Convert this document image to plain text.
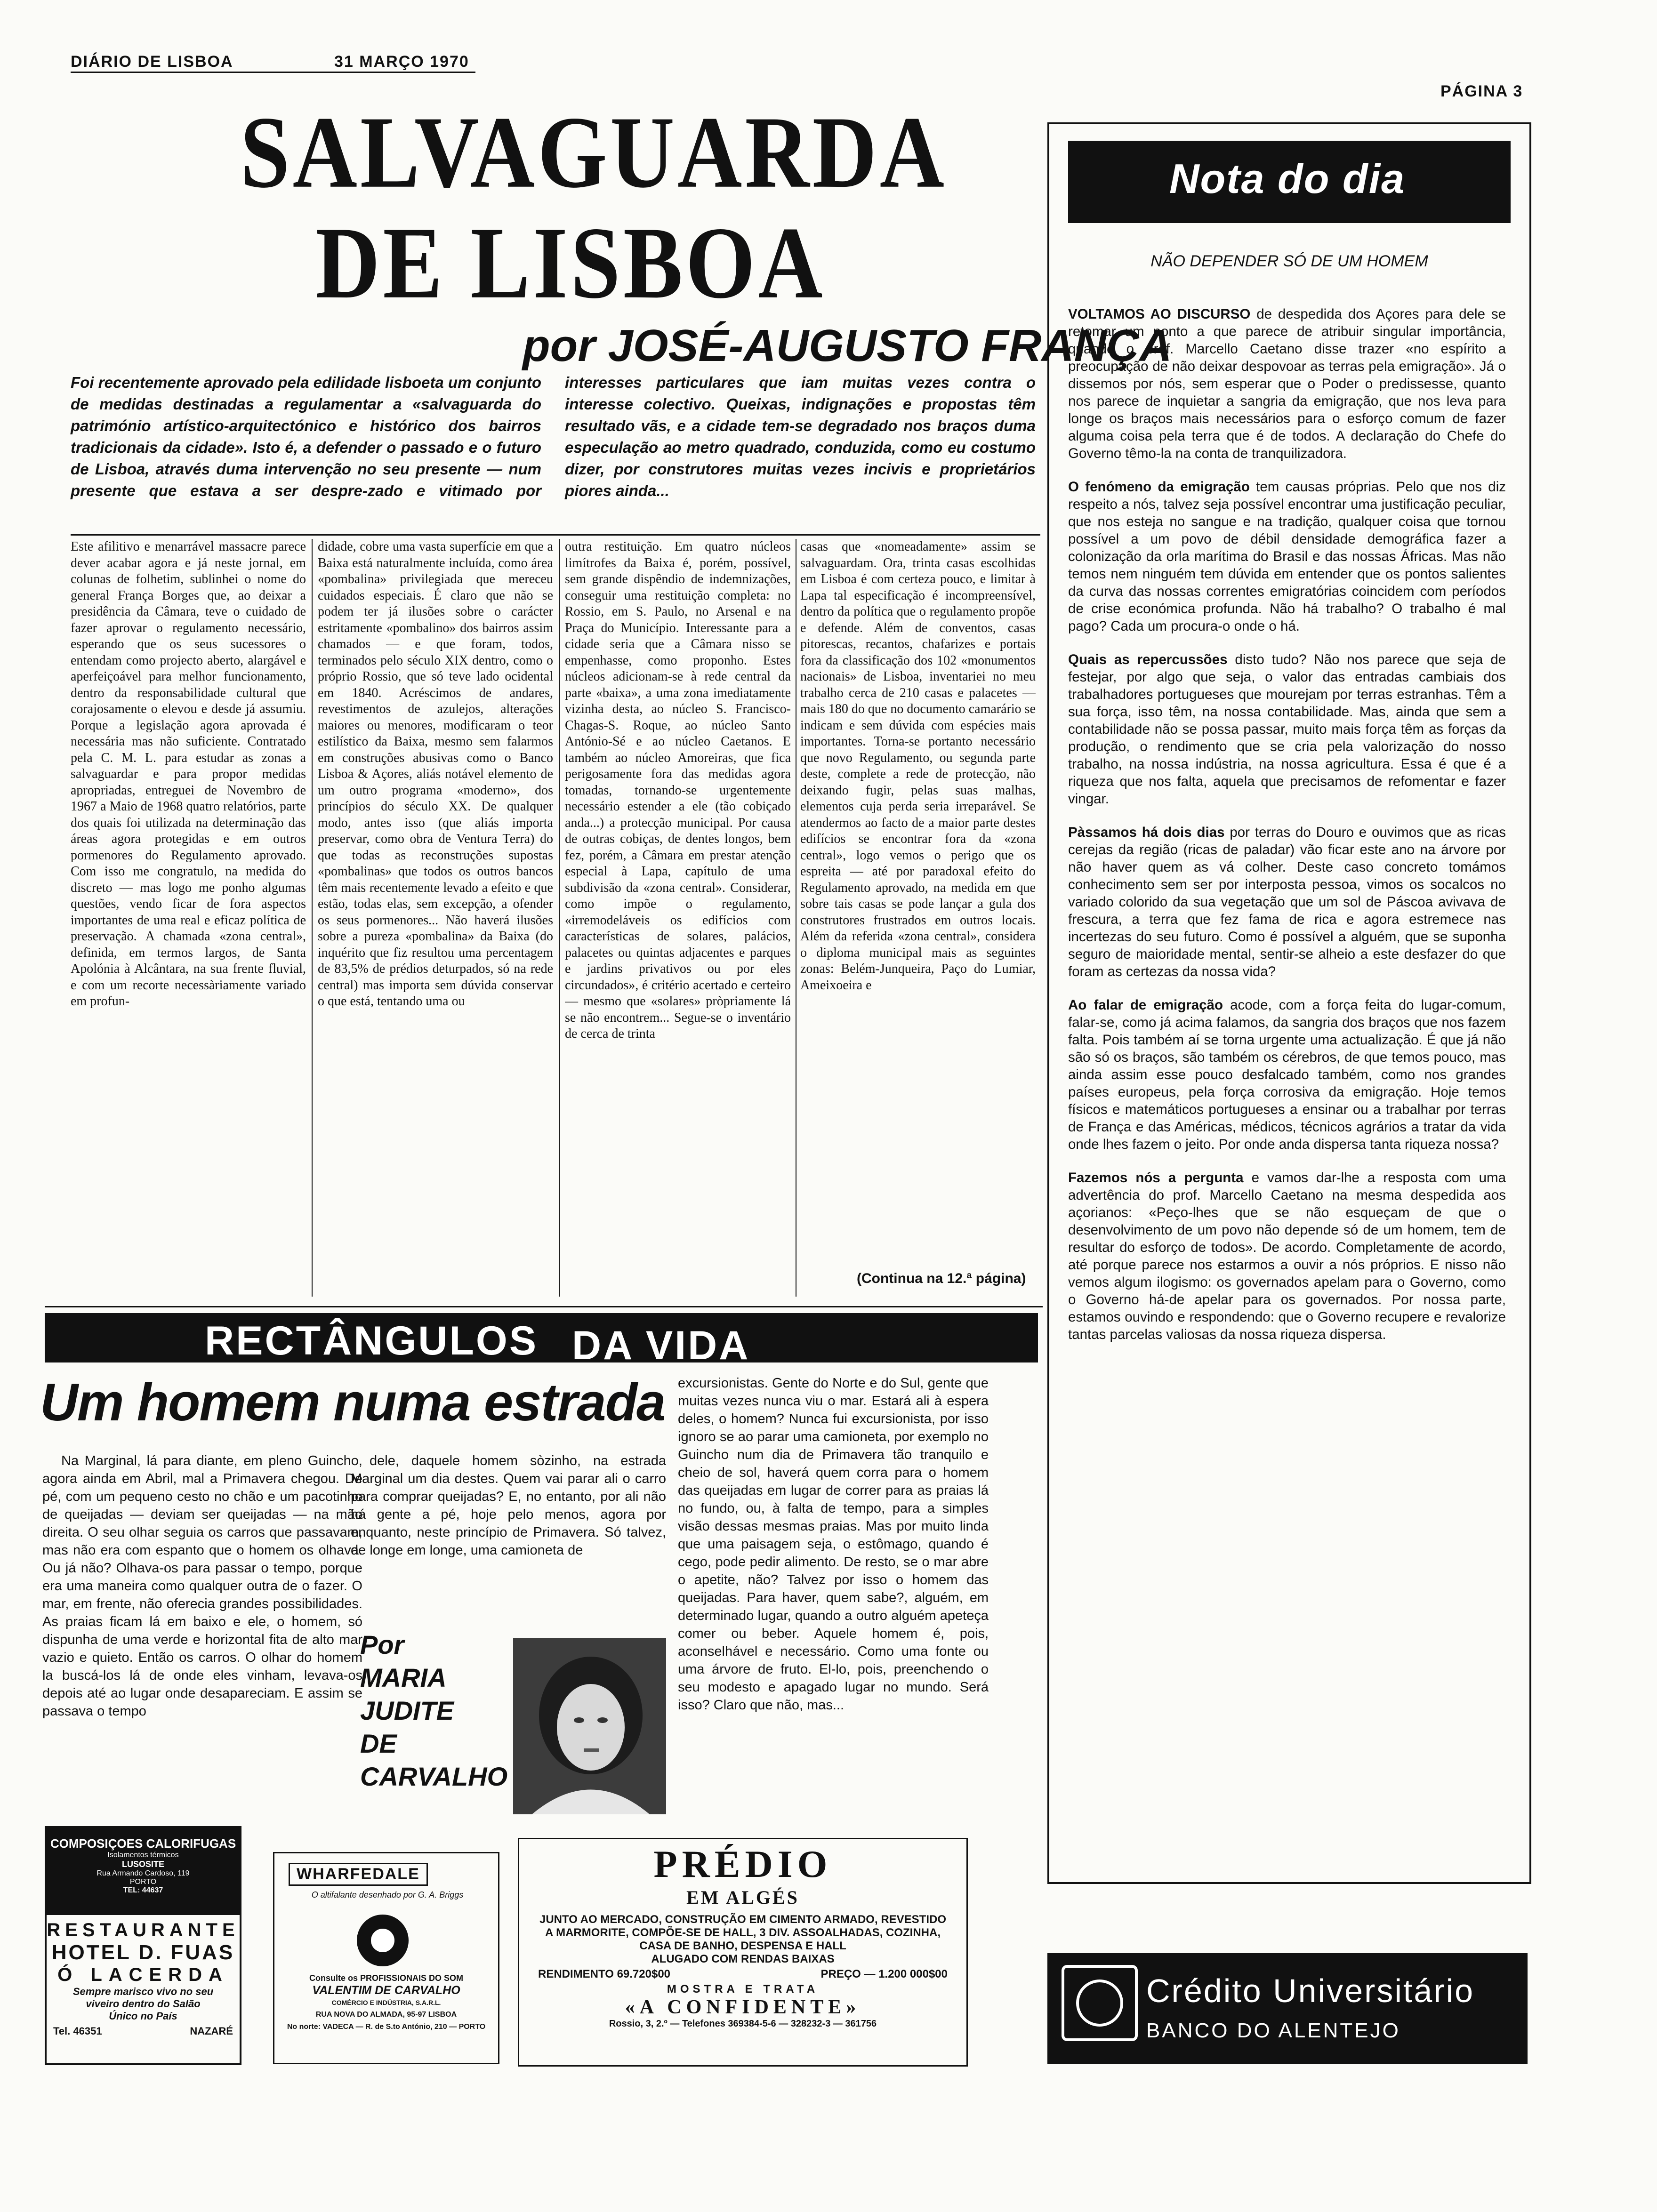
DIÁRIO DE LISBOA	31 MARÇO 1970
PÁGINA 3
SALVAGUARDA
DE LISBOA
por JOSÉ-AUGUSTO FRANÇA
Foi recentemente aprovado pela edilidade lisboeta um conjunto de medidas destinadas a regulamentar a «salvaguarda do património artístico-arquitectónico e histórico dos bairros tradicionais da cidade». Isto é, a defender o passado e o futuro de Lisboa, através duma intervenção no seu presente — num presente que estava a ser despre-zado e vitimado por interesses particulares que iam muitas vezes contra o interesse colectivo. Queixas, indignações e propostas têm resultado vãs, e a cidade tem-se degradado nos braços duma especulação ao metro quadrado, conduzida, como eu costumo dizer, por construtores muitas vezes incivis e proprietários piores ainda...
Este afilitivo e menarrável massacre parece dever acabar agora e já neste jornal, em colunas de folhetim, sublinhei o nome do general França Borges que, ao deixar a presidência da Câmara, teve o cuidado de fazer aprovar o regulamento necessário, esperando que os seus sucessores o entendam como projecto aberto, alargável e aperfeiçoável para melhor funcionamento, dentro da responsabilidade cultural que corajosamente o elevou e desde já assumiu. Porque a legislação agora aprovada é necessária mas não suficiente. Contratado pela C. M. L. para estudar as zonas a salvaguardar e para propor medidas apropriadas, entreguei de Novembro de 1967 a Maio de 1968 quatro relatórios, parte dos quais foi utilizada na determinação das áreas agora protegidas e em outros pormenores do Regulamento aprovado. Com isso me congratulo, na medida do discreto — mas logo me ponho algumas questões, vendo ficar de fora aspectos importantes de uma real e eficaz política de preservação. A chamada «zona central», definida, em termos largos, de Santa Apolónia à Alcântara, na sua frente fluvial, e com um recorte necessàriamente variado em profun-
didade, cobre uma vasta superfície em que a Baixa está naturalmente incluída, como área «pombalina» privilegiada que mereceu cuidados especiais. É claro que não se podem ter já ilusões sobre o carácter estritamente «pombalino» dos bairros assim chamados — e que foram, todos, terminados pelo século XIX dentro, como o próprio Rossio, que só teve lado ocidental em 1840. Acréscimos de andares, revestimentos de azulejos, alterações maiores ou menores, modificaram o teor estilístico da Baixa, mesmo sem falarmos em construções abusivas como o Banco Lisboa & Açores, aliás notável elemento de um outro programa «moderno», dos princípios do século XX. De qualquer modo, antes isso (que aliás importa preservar, como obra de Ventura Terra) do que todas as reconstruções supostas «pombalinas» que todos os outros bancos têm mais recentemente levado a efeito e que estão, todas elas, sem excepção, a ofender os seus pormenores... Não haverá ilusões sobre a pureza «pombalina» da Baixa (do inquérito que fiz resultou uma percentagem de 83,5% de prédios deturpados, só na rede central) mas importa sem dúvida conservar o que está, tentando uma ou
outra restituição. Em quatro núcleos limítrofes da Baixa é, porém, possível, sem grande dispêndio de indemnizações, conseguir uma restituição completa: no Rossio, em S. Paulo, no Arsenal e na Praça do Município. Interessante para a cidade seria que a Câmara nisso se empenhasse, como proponho. Estes núcleos adicionam-se à rede central da parte «baixa», a uma zona imediatamente vizinha desta, ao núcleo S. Francisco-Chagas-S. Roque, ao núcleo Santo António-Sé e ao núcleo Caetanos. E também ao núcleo Amoreiras, que fica perigosamente fora das medidas agora tomadas, tornando-se urgentemente necessário estender a ele (tão cobiçado anda...) a protecção municipal. Por causa de outras cobiças, de dentes longos, bem fez, porém, a Câmara em prestar atenção especial à Lapa, capítulo de uma subdivisão da «zona central». Considerar, como impõe o regulamento, «irremodeláveis os edifícios com características de solares, palácios, palacetes ou quintas adjacentes e parques e jardins privativos ou por eles circundados», é critério acertado e certeiro — mesmo que «solares» pròpriamente lá se não encontrem... Segue-se o inventário de cerca de trinta
casas que «nomeadamente» assim se salvaguardam. Ora, trinta casas escolhidas em Lisboa é com certeza pouco, e limitar à Lapa tal especificação é incompreensível, dentro da política que o regulamento propõe e defende. Além de conventos, casas pitorescas, recantos, chafarizes e portais fora da classificação dos 102 «monumentos nacionais» de Lisboa, inventariei no meu trabalho cerca de 210 casas e palacetes — mais 180 do que no documento camarário se indicam e sem dúvida com espécies mais importantes. Torna-se portanto necessário que novo Regulamento, ou segunda parte deste, complete a rede de protecção, não deixando fugir, pelas suas malhas, elementos cuja perda seria irreparável. Se atendermos ao facto de a maior parte destes edifícios se encontrar fora da «zona central», logo vemos o perigo que os espreita — até por paradoxal efeito do Regulamento aprovado, na medida em que sobre tais casas se pode lançar a gula dos construtores frustrados em outros locais. Além da referida «zona central», considera o diploma municipal mais as seguintes zonas: Belém-Junqueira, Paço do Lumiar, Ameixoeira e
(Continua na 12.ª página)
Nota do dia
NÃO DEPENDER SÓ DE UM HOMEM

VOLTAMOS AO DISCURSO de despedida dos Açores para dele se retomar um ponto a que parece de atribuir singular importância, quando o prof. Marcello Caetano disse trazer «no espírito a preocupação de não deixar despovoar as terras pela emigração». Já o dissemos por nós, sem esperar que o Poder o predissesse, quanto nos parece de inquietar a sangria da emigração, que nos leva para longe os braços mais necessários para o esforço comum de fazer alguma coisa pela terra que é de todos. A declaração do Chefe do Governo têmo-la na conta de tranquilizadora.

O fenómeno da emigração tem causas próprias. Pelo que nos diz respeito a nós, talvez seja possível encontrar uma justificação peculiar, que nos esteja no sangue e na tradição, qualquer coisa que tornou possível a um povo de débil densidade demográfica fazer a colonização da orla marítima do Brasil e das nossas Áfricas. Mas não temos nem ninguém tem dúvida em entender que os pontos salientes da curva das nossas correntes emigratórias coincidem com períodos de crise económica profunda. Não há trabalho? O trabalho é mal pago? Cada um procura-o onde o há.

Quais as repercussões disto tudo? Não nos parece que seja de festejar, por algo que seja, o valor das entradas cambiais dos trabalhadores portugueses que mourejam por terras estranhas. Têm a sua força, isso têm, na nossa contabilidade. Mas, ainda que sem a contabilidade não se possa passar, muito mais força têm as forças da produção, o rendimento que se cria pela valorização do nosso trabalho, na nossa indústria, na nossa agricultura. Essa é que é a riqueza que nos falta, aquela que precisamos de refomentar e fazer vingar.

Pàssamos há dois dias por terras do Douro e ouvimos que as ricas cerejas da região (ricas de paladar) vão ficar este ano na árvore por não haver quem as vá colher. Deste caso concreto tomámos conhecimento sem ser por interposta pessoa, vimos os socalcos no variado colorido da sua vegetação que um sol de Páscoa avivava de frescura, a terra que fez fama de rica e agora estremece nas incertezas do seu futuro. Como é possível a alguém, que se suponha seguro de maioridade mental, sentir-se alheio a este desfazer do que foram as certezas da nossa vida?

Ao falar de emigração acode, com a força feita do lugar-comum, falar-se, como já acima falamos, da sangria dos braços que nos fazem falta. Pois também aí se torna urgente uma actualização. É que já não são só os braços, são também os cérebros, de que temos pouco, mas ainda assim esse pouco desfalcado também, como nos grandes países europeus, pela força corrosiva da emigração. Hoje temos físicos e matemáticos portugueses a ensinar ou a trabalhar por terras de França e das Américas, médicos, técnicos agrários a tratar da vida onde lhes fazem o jeito. Por onde anda dispersa tanta riqueza nossa?

Fazemos nós a pergunta e vamos dar-lhe a resposta com uma advertência do prof. Marcello Caetano na mesma despedida aos açorianos: «Peço-lhes que se não esqueçam de que o desenvolvimento de um povo não depende só de um homem, tem de resultar do esforço de todos». De acordo. Completamente de acordo, até porque parece nos estarmos a ouvir a nós próprios. E nisso não vemos algum ilogismo: os governados apelam para o Governo, como o Governo há-de apelar para os governados. Por nossa parte, estamos ouvindo e respondendo: que o Governo recupere e revalorize tantas parcelas valiosas da nossa riqueza dispersa.

RECTÂNGULOS DA VIDA
Um homem numa estrada
Na Marginal, lá para diante, em pleno Guincho, agora ainda em Abril, mal a Primavera chegou. De pé, com um pequeno cesto no chão e um pacotinho de queijadas — deviam ser queijadas — na mão direita. O seu olhar seguia os carros que passavam, mas não era com espanto que o homem os olhava. Ou já não? Olhava-os para passar o tempo, porque era uma maneira como qualquer outra de o fazer. O mar, em frente, não oferecia grandes possibilidades. As praias ficam lá em baixo e ele, o homem, só dispunha de uma verde e horizontal fita de alto mar vazio e quieto. Então os carros. O olhar do homem la buscá-los lá de onde eles vinham, levava-os depois até ao lugar onde desapareciam. E assim se passava o tempo
dele, daquele homem sòzinho, na estrada Marginal um dia destes. Quem vai parar ali o carro para comprar queijadas? E, no entanto, por ali não há gente a pé, hoje pelo menos, agora por enquanto, neste princípio de Primavera. Só talvez, de longe em longe, uma camioneta de
excursionistas. Gente do Norte e do Sul, gente que muitas vezes nunca viu o mar. Estará ali à espera deles, o homem? Nunca fui excursionista, por isso ignoro se ao parar uma camioneta, por exemplo no Guincho num dia de Primavera tão tranquilo e cheio de sol, haverá quem corra para o homem das queijadas em lugar de correr para as praias lá no fundo, ou, à falta de tempo, para a simples visão dessas mesmas praias. Mas por muito linda que uma paisagem seja, o estômago, quando é cego, pode pedir alimento. De resto, se o mar abre o apetite, não? Talvez por isso o homem das queijadas. Para haver, quem sabe?, alguém, em determinado lugar, quando a outro alguém apeteça comer ou beber. Aquele homem é, pois, aconselhável e necessário. Como uma fonte ou uma árvore de fruto. El-lo, pois, preenchendo o seu modesto e apagado lugar no mundo. Será isso? Claro que não, mas...
Por
MARIA
JUDITE
DE
CARVALHO
COMPOSIÇOES CALORIFUGAS
Isolamentos térmicos
LUSOSITE
Rua Armando Cardoso, 119
PORTO
TEL: 44637
RESTAURANTE
HOTEL D. FUAS
Ó LACERDA
Sempre marisco vivo no seu
viveiro dentro do Salão
Único no País
Tel. 46351	NAZARÉ
WHARFEDALE
O altifalante desenhado por G. A. Briggs
Consulte os PROFISSIONAIS DO SOM
VALENTIM DE CARVALHO
COMÉRCIO E INDÚSTRIA, S.A.R.L.
RUA NOVA DO ALMADA, 95-97 LISBOA
No norte: VADECA — R. de S.to António, 210 — PORTO
PRÉDIO
EM ALGÉS
JUNTO AO MERCADO, CONSTRUÇÃO EM CIMENTO ARMADO, REVESTIDO A MARMORITE, COMPÕE-SE DE HALL, 3 DIV. ASSOALHADAS, COZINHA, CASA DE BANHO, DESPENSA E HALL
ALUGADO COM RENDAS BAIXAS
RENDIMENTO 69.720$00	PREÇO — 1.200 000$00
MOSTRA E TRATA
«A CONFIDENTE»
Rossio, 3, 2.º — Telefones 369384-5-6 — 328232-3 — 361756
Crédito Universitário
BANCO DO ALENTEJO
